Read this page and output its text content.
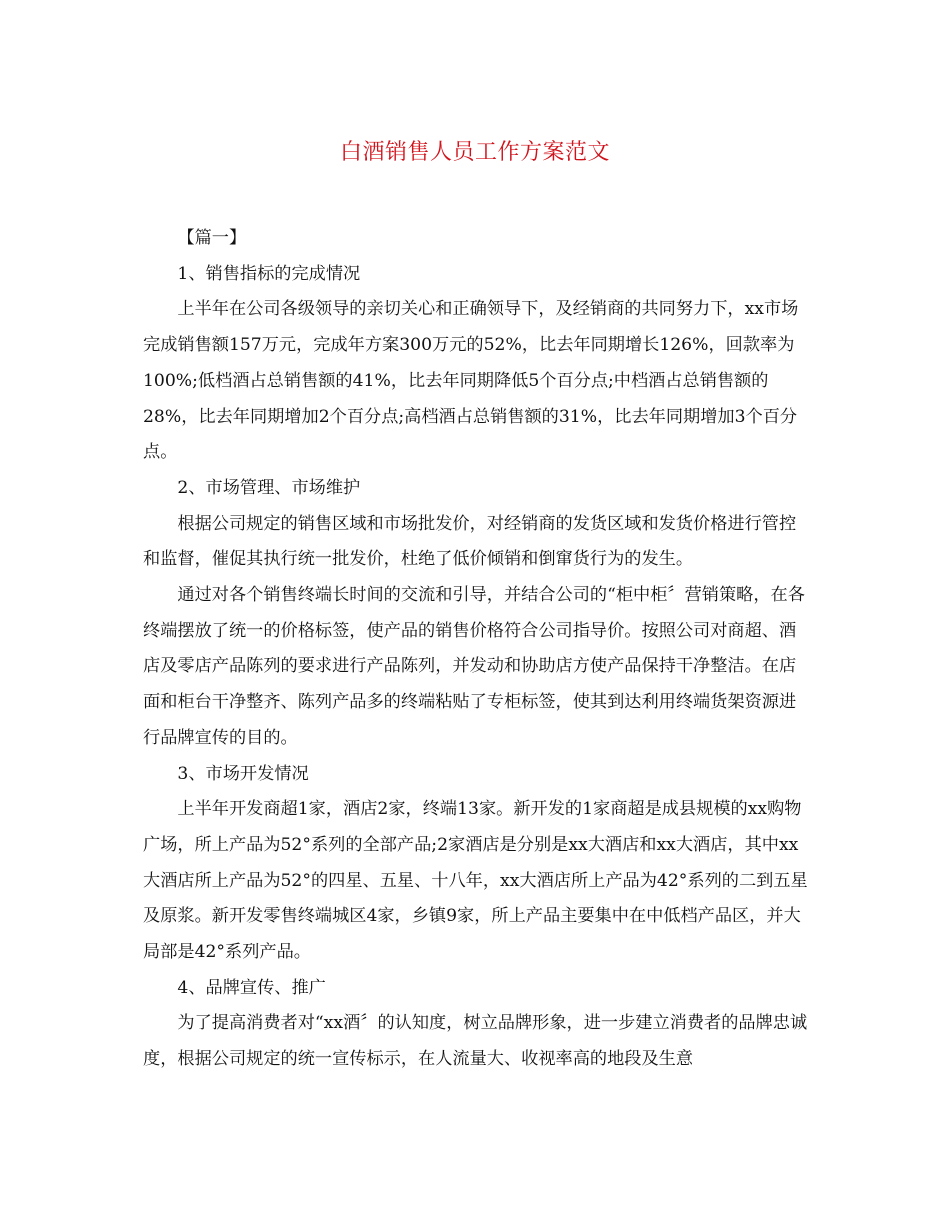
白酒销售人员工作方案范文

【篇一】

1、销售指标的完成情况

上半年在公司各级领导的亲切关心和正确领导下，及经销商的共同努力下，xx市场完成销售额157万元，完成年方案300万元的52%，比去年同期增长126%，回款率为100%;低档酒占总销售额的41%，比去年同期降低5个百分点;中档酒占总销售额的28%，比去年同期增加2个百分点;高档酒占总销售额的31%，比去年同期增加3个百分点。

2、市场管理、市场维护

根据公司规定的销售区域和市场批发价，对经销商的发货区域和发货价格进行管控和监督，催促其执行统一批发价，杜绝了低价倾销和倒窜货行为的发生。

通过对各个销售终端长时间的交流和引导，并结合公司的“柜中柜〞营销策略，在各终端摆放了统一的价格标签，使产品的销售价格符合公司指导价。按照公司对商超、酒店及零店产品陈列的要求进行产品陈列，并发动和协助店方使产品保持干净整洁。在店面和柜台干净整齐、陈列产品多的终端粘贴了专柜标签，使其到达利用终端货架资源进行品牌宣传的目的。

3、市场开发情况

上半年开发商超1家，酒店2家，终端13家。新开发的1家商超是成县规模的xx购物广场，所上产品为52°系列的全部产品;2家酒店是分别是xx大酒店和xx大酒店，其中xx大酒店所上产品为52°的四星、五星、十八年，xx大酒店所上产品为42°系列的二到五星及原浆。新开发零售终端城区4家，乡镇9家，所上产品主要集中在中低档产品区，并大局部是42°系列产品。

4、品牌宣传、推广

为了提高消费者对“xx酒〞的认知度，树立品牌形象，进一步建立消费者的品牌忠诚度，根据公司规定的统一宣传标示，在人流量大、收视率高的地段及生意
